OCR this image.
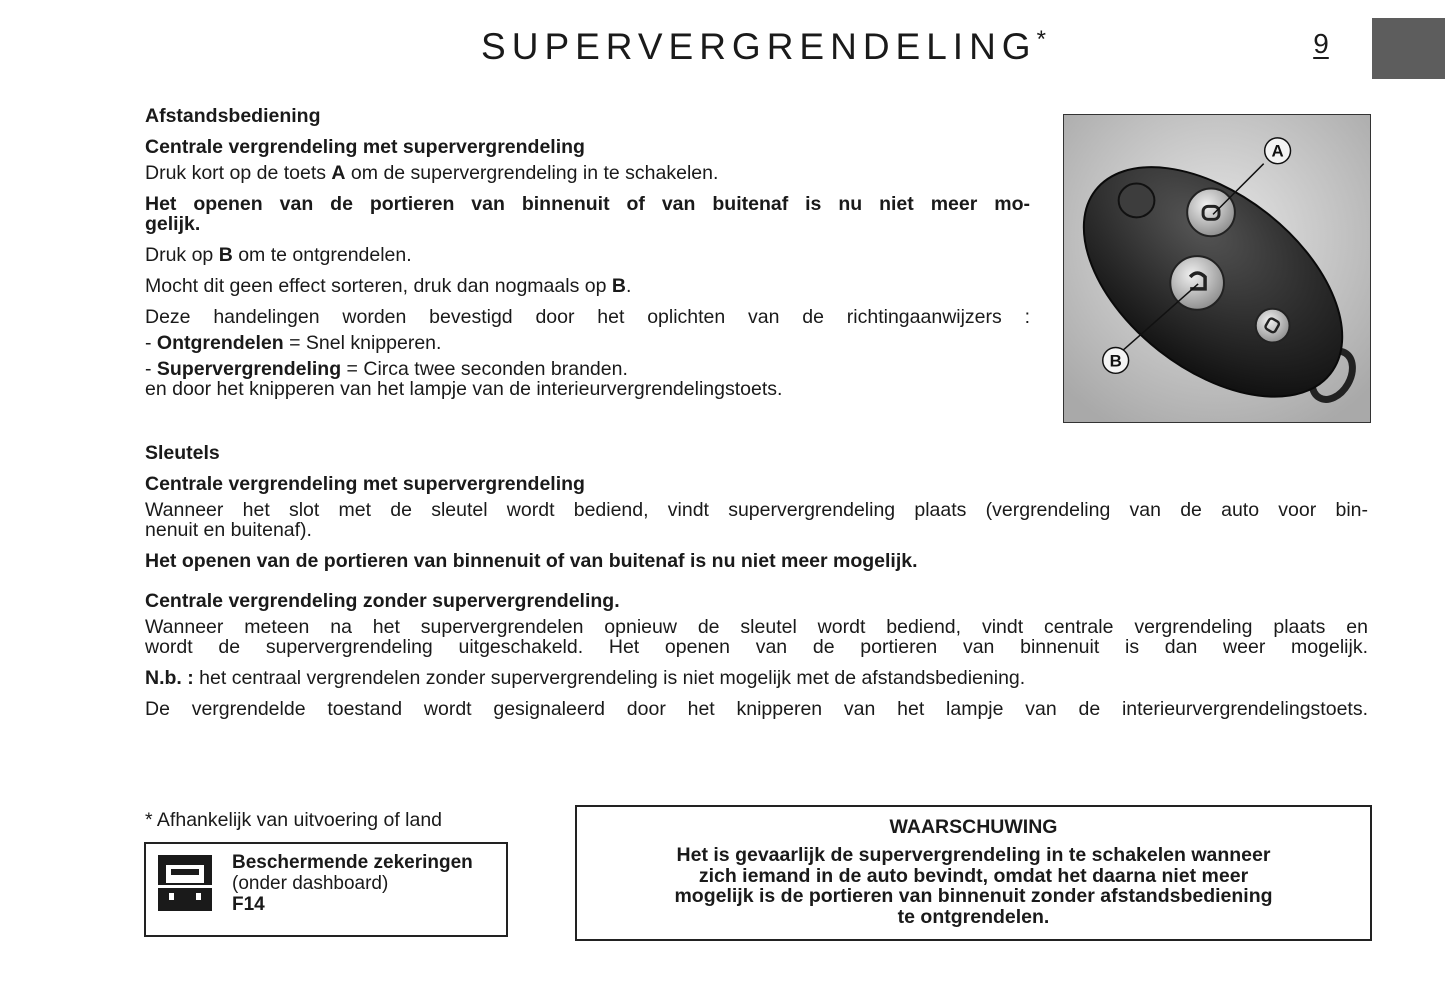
SUPERVERGRENDELING*	9
Afstandsbediening
Centrale vergrendeling met supervergrendeling
Druk kort op de toets A om de supervergrendeling in te schakelen.
Het openen van de portieren van binnenuit of van buitenaf is nu niet meer mo-
gelijk.
Druk op B om te ontgrendelen.
Mocht dit geen effect sorteren, druk dan nogmaals op B.
Deze handelingen worden bevestigd door het oplichten van de richtingaanwijzers :
- Ontgrendelen = Snel knipperen.
- Supervergrendeling = Circa twee seconden branden.
en door het knipperen van het lampje van de interieurvergrendelingstoets.
A
B
Sleutels
Centrale vergrendeling met supervergrendeling
Wanneer het slot met de sleutel wordt bediend, vindt supervergrendeling plaats (vergrendeling van de auto voor bin-
nenuit en buitenaf).
Het openen van de portieren van binnenuit of van buitenaf is nu niet meer mogelijk.
Centrale vergrendeling zonder supervergrendeling.
Wanneer meteen na het supervergrendelen opnieuw de sleutel wordt bediend, vindt centrale vergrendeling plaats en
wordt de supervergrendeling uitgeschakeld. Het openen van de portieren van binnenuit is dan weer mogelijk.
N.b. : het centraal vergrendelen zonder supervergrendeling is niet mogelijk met de afstandsbediening.
De vergrendelde toestand wordt gesignaleerd door het knipperen van het lampje van de interieurvergrendelingstoets.
* Afhankelijk van uitvoering of land
Beschermende zekeringen
(onder dashboard)
F14
WAARSCHUWING
Het is gevaarlijk de supervergrendeling in te schakelen wanneer
zich iemand in de auto bevindt, omdat het daarna niet meer
mogelijk is de portieren van binnenuit zonder afstandsbediening
te ontgrendelen.
